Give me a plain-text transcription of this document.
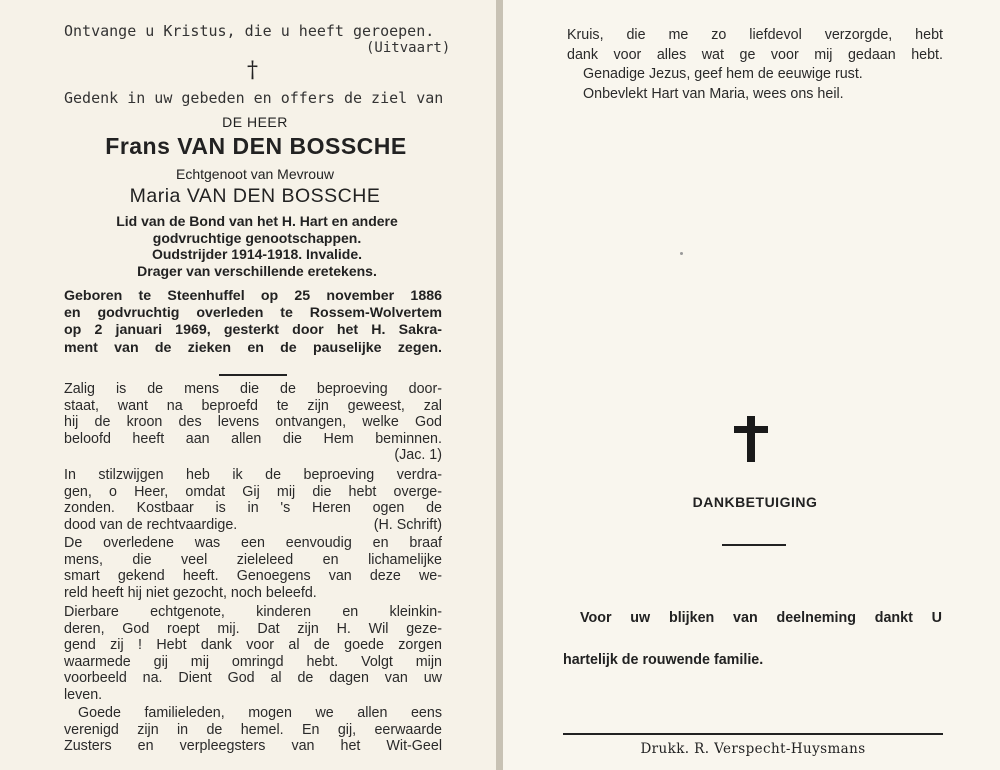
Ontvange u Kristus, die u heeft geroepen.
(Uitvaart)
†
Gedenk in uw gebeden en offers de ziel van
DE HEER
Frans VAN DEN BOSSCHE
Echtgenoot van Mevrouw
Maria VAN DEN BOSSCHE
Lid van de Bond van het H. Hart en andere
godvruchtige genootschappen.
Oudstrijder 1914-1918. Invalide.
Drager van verschillende eretekens.
Geboren te Steenhuffel op 25 november 1886
en godvruchtig overleden te Rossem-Wolvertem
op 2 januari 1969, gesterkt door het H. Sakra-
ment van de zieken en de pauselijke zegen.
Zalig is de mens die de beproeving door-
staat, want na beproefd te zijn geweest, zal
hij de kroon des levens ontvangen, welke God
beloofd heeft aan allen die Hem beminnen.
(Jac. 1)
In stilzwijgen heb ik de beproeving verdra-
gen, o Heer, omdat Gij mij die hebt overge-
zonden. Kostbaar is in 's Heren ogen de
dood van de rechtvaardige.	(H. Schrift)
De overledene was een eenvoudig en braaf
mens, die veel zieleleed en lichamelijke
smart gekend heeft. Genoegens van deze we-
reld heeft hij niet gezocht, noch beleefd.
Dierbare echtgenote, kinderen en kleinkin-
deren, God roept mij. Dat zijn H. Wil geze-
gend zij ! Hebt dank voor al de goede zorgen
waarmede gij mij omringd hebt. Volgt mijn
voorbeeld na. Dient God al de dagen van uw
leven.
Goede familieleden, mogen we allen eens
verenigd zijn in de hemel. En gij, eerwaarde
Zusters en verpleegsters van het Wit-Geel
Kruis, die me zo liefdevol verzorgde, hebt
dank voor alles wat ge voor mij gedaan hebt.
Genadige Jezus, geef hem de eeuwige rust.
Onbevlekt Hart van Maria, wees ons heil.
DANKBETUIGING
Voor uw blijken van deelneming dankt U
hartelijk de rouwende familie.
Drukk. R. Verspecht-Huysmans
